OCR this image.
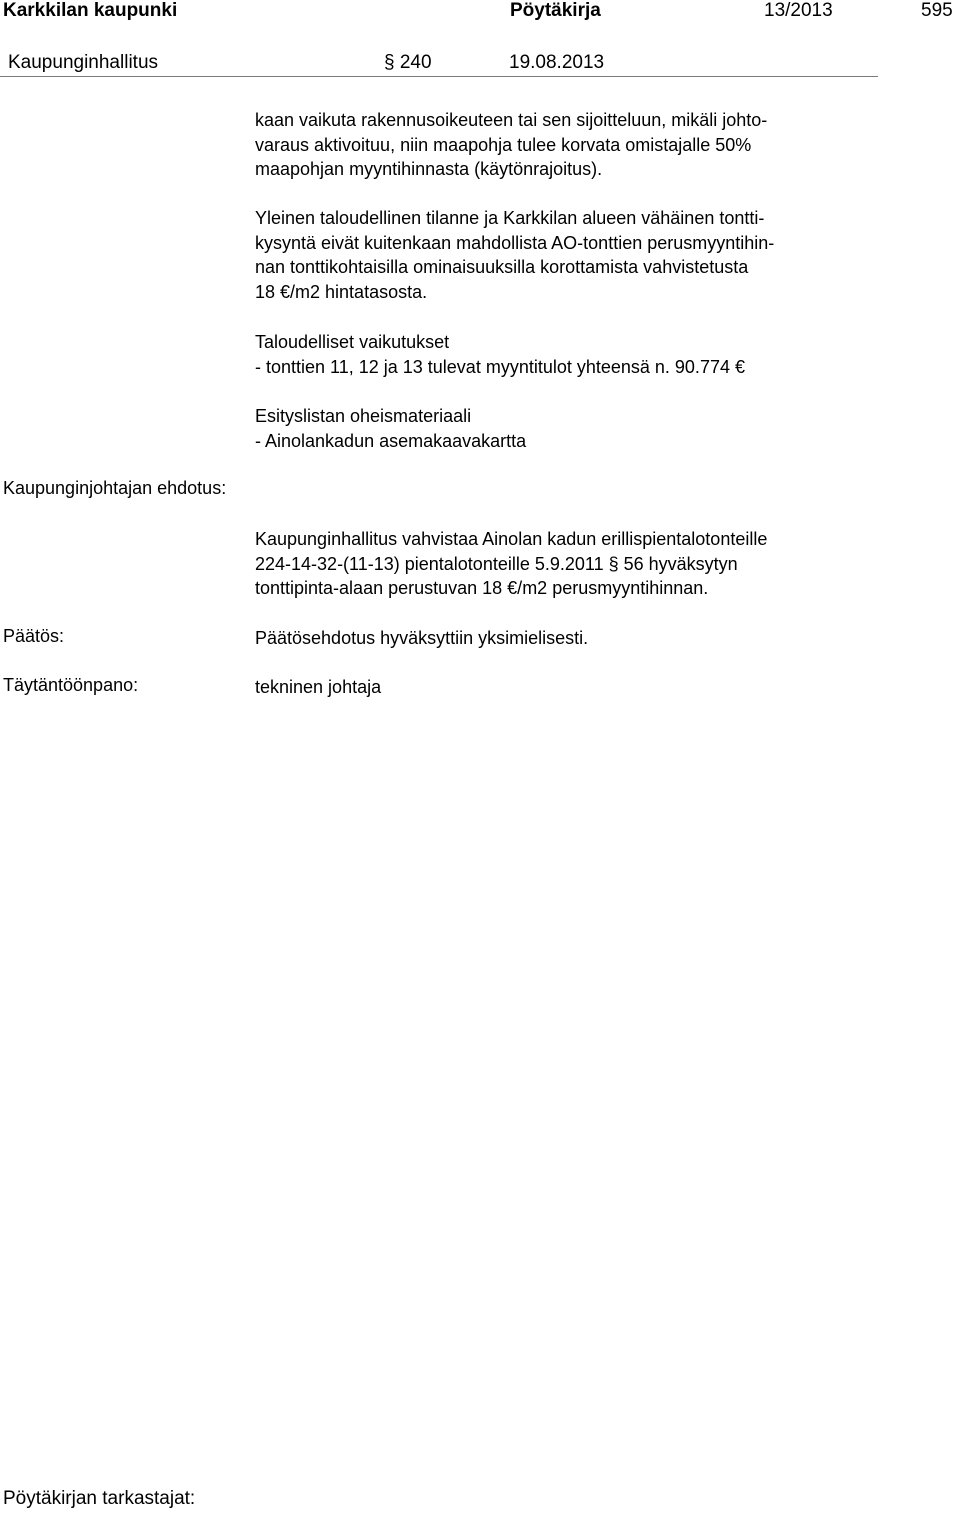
Karkkilan kaupunki	Pöytäkirja	13/2013	595
Kaupunginhallitus	§ 240	19.08.2013
kaan vaikuta rakennusoikeuteen tai sen sijoitteluun, mikäli johto-
varaus aktivoituu, niin maapohja tulee korvata omistajalle 50%
maapohjan myyntihinnasta (käytönrajoitus).
Yleinen taloudellinen tilanne ja Karkkilan alueen vähäinen tontti-
kysyntä eivät kuitenkaan mahdollista AO-tonttien perusmyyntihin-
nan tonttikohtaisilla ominaisuuksilla korottamista vahvistetusta
18 €/m2 hintatasosta.
Taloudelliset vaikutukset
- tonttien 11, 12 ja 13 tulevat myyntitulot yhteensä n. 90.774 €
Esityslistan oheismateriaali
- Ainolankadun asemakaavakartta
Kaupunginjohtajan ehdotus:
Kaupunginhallitus vahvistaa Ainolan kadun erillispientalotonteille
224-14-32-(11-13) pientalotonteille 5.9.2011 § 56 hyväksytyn
tonttipinta-alaan perustuvan 18 €/m2 perusmyyntihinnan.
Päätös:	Päätösehdotus hyväksyttiin yksimielisesti.
Täytäntöönpano:	tekninen johtaja
Pöytäkirjan tarkastajat:
